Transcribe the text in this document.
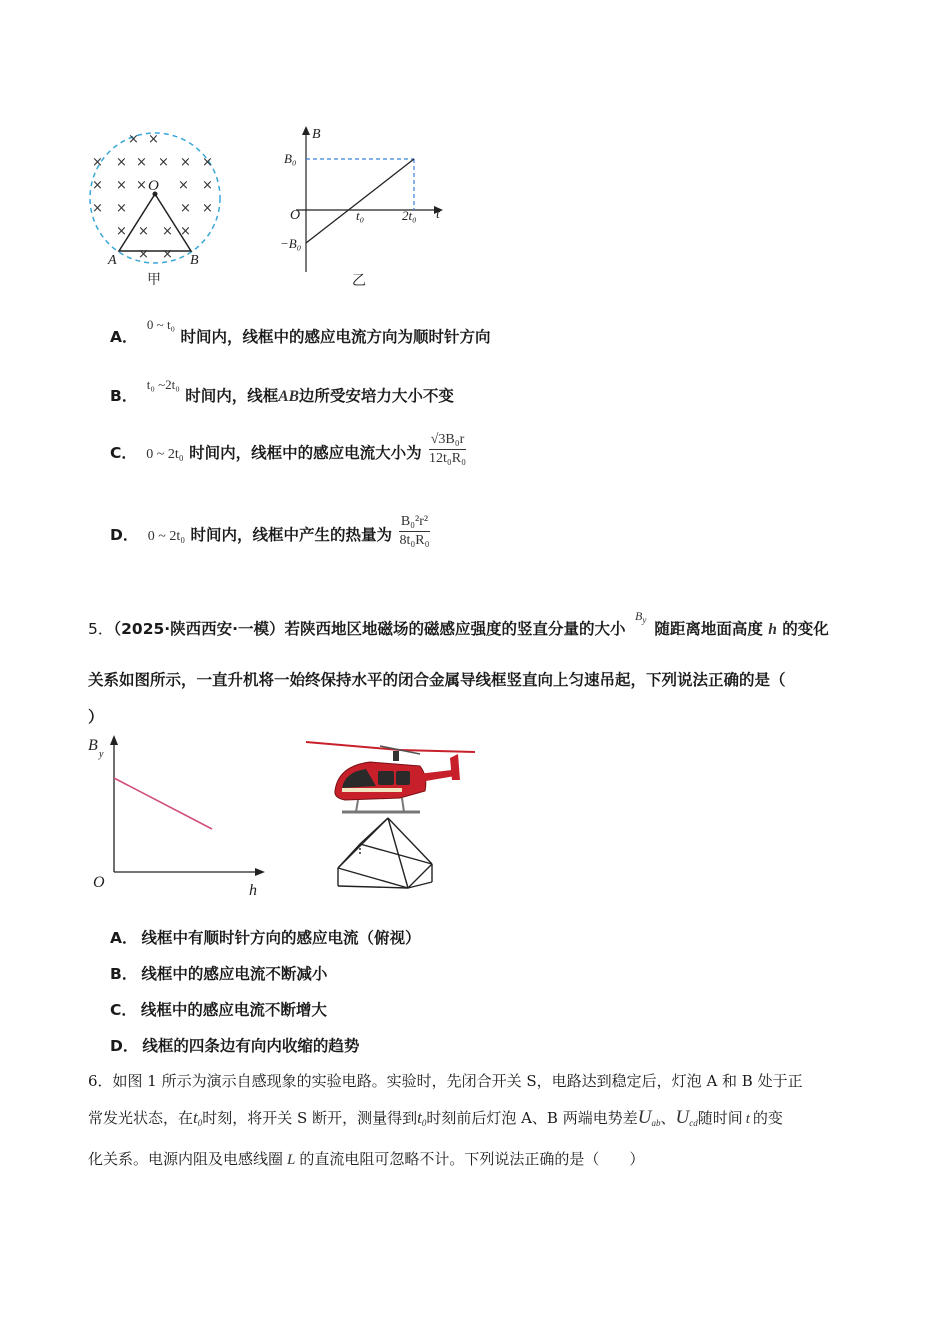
× ×
× × × × × ×
× × × × ×
× ×	× ×
× × × ×
× ×
O
A	B
甲
B
t
O
B₀
−B₀
t₀	2t₀
乙
A． $^{0 \sim t_0}$ 时间内，线框中的感应电流方向为顺时针方向
B． $^{t_0 \sim 2t_0}$ 时间内，线框AB边所受安培力大小不变
C． 0 ~ 2t₀ 时间内，线框中的感应电流大小为 $\frac{\text{√3B₀r}}{\text{12t₀R₀}}$
D． 0 ~ 2t₀ 时间内，线框中产生的热量为 $\frac{\text{B₀²r²}}{\text{8t₀R₀}}$
5．（2025·陕西西安·一模）若陕西地区地磁场的磁感应强度的竖直分量的大小 $^{B_y}$ 随距离地面高度 h 的变化
关系如图所示，一直升机将一始终保持水平的闭合金属导线框竖直向上匀速吊起，下列说法正确的是（
）
B
y
h
O
A． 线框中有顺时针方向的感应电流（俯视）
B． 线框中的感应电流不断减小
C． 线框中的感应电流不断增大
D． 线框的四条边有向内收缩的趋势
6．如图 1 所示为演示自感现象的实验电路。实验时，先闭合开关 S，电路达到稳定后，灯泡 A 和 B 处于正
常发光状态，在$t_0$时刻，将开关 S 断开，测量得到$t_0$时刻前后灯泡 A、B 两端电势差$U_{ab}$、$U_{cd}$随时间 t 的变
化关系。电源内阻及电感线圈 L 的直流电阻可忽略不计。下列说法正确的是（　　）
